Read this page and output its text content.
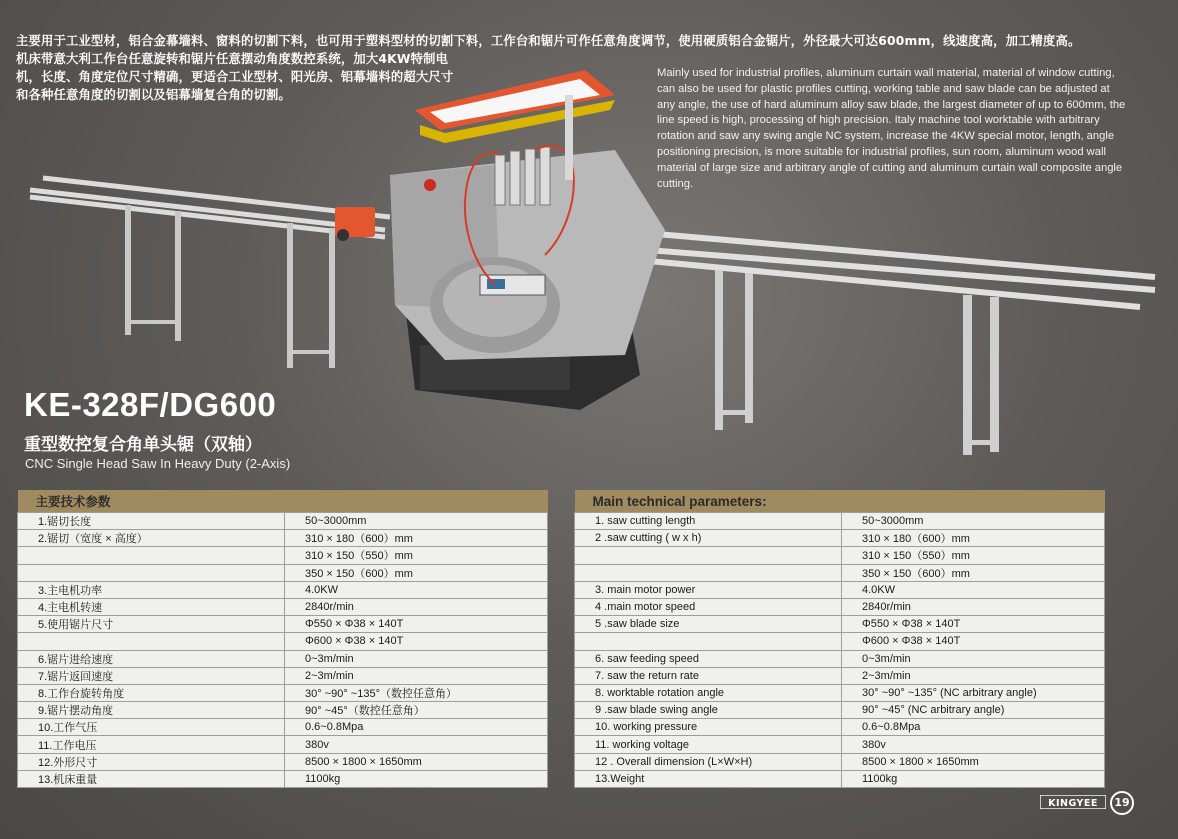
主要用于工业型材，铝合金幕墙料、窗料的切割下料，也可用于塑料型材的切割下料，工作台和锯片可作任意角度调节，使用硬质铝合金锯片，外径最大可达600mm，线速度高，加工精度高。
机床带意大利工作台任意旋转和锯片任意摆动角度数控系统，加大4KW特制电机，长度、角度定位尺寸精确，更适合工业型材、阳光房、铝幕墙料的超大尺寸和各种任意角度的切割以及铝幕墙复合角的切割。
Mainly used for industrial profiles, aluminum curtain wall material, material of window cutting, can also be used for plastic profiles cutting, working table and saw blade can be adjusted at any angle, the use of hard aluminum alloy saw blade, the largest diameter of up to 600mm, the line speed is high, processing of high precision. Italy machine tool worktable with arbitrary rotation and saw any swing angle NC system, increase the 4KW special motor, length, angle positioning precision, is more suitable for industrial profiles, sun room, aluminum wood wall material of large size and arbitrary angle of cutting and aluminum curtain wall composite angle cutting.
KE-328F/DG600
重型数控复合角单头锯（双轴）
CNC Single Head Saw In Heavy Duty (2-Axis)
主要技术参数	
1.锯切长度	50~3000mm
2.锯切（宽度 × 高度）	310 × 180（600）mm
	310 × 150（550）mm
	350 × 150（600）mm
3.主电机功率	4.0KW
4.主电机转速	2840r/min
5.使用锯片尺寸	Φ550 × Φ38 × 140T
	Φ600 × Φ38 × 140T
6.锯片进给速度	0~3m/min
7.锯片返回速度	2~3m/min
8.工作台旋转角度	30° ~90° ~135°（数控任意角）
9.锯片摆动角度	90° ~45°（数控任意角）
10.工作气压	0.6~0.8Mpa
11.工作电压	380v
12.外形尺寸	8500 × 1800 × 1650mm
13.机床重量	1100kg
Main technical parameters:	
1. saw cutting length	50~3000mm
2 .saw cutting ( w x h)	310 × 180（600）mm
	310 × 150（550）mm
	350 × 150（600）mm
3. main motor power	4.0KW
4 .main motor speed	2840r/min
5 .saw blade size	Φ550 × Φ38 × 140T
	Φ600 × Φ38 × 140T
6. saw feeding speed	0~3m/min
7. saw the return rate	2~3m/min
8. worktable rotation angle	30° ~90° ~135° (NC arbitrary angle)
9 .saw blade swing angle	90° ~45° (NC arbitrary angle)
10. working pressure	0.6~0.8Mpa
11. working voltage	380v
12 . Overall dimension (L×W×H)	8500 × 1800 × 1650mm
13.Weight	1100kg
KINGYEE	19
